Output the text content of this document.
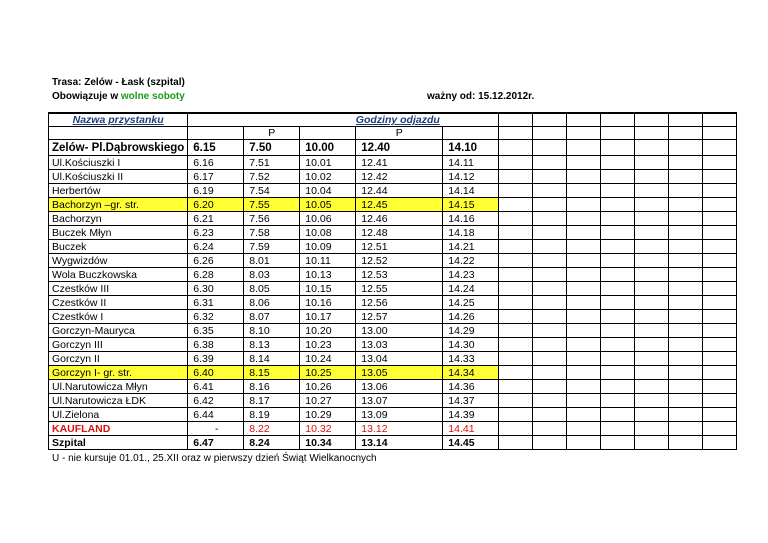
Trasa: Zelów - Łask (szpital)
Obowiązuje w wolne soboty	ważny od: 15.12.2012r.
Nazwa przystanku				Godziny odjazdu								
		P		P								
Zelów- Pl.Dąbrowskiego	6.15	7.50	10.00	12.40	14.10							
Ul.Kościuszki I	6.16	7.51	10.01	12.41	14.11							
Ul.Kościuszki II	6.17	7.52	10.02	12.42	14.12							
Herbertów	6.19	7.54	10.04	12.44	14.14							
Bachorzyn –gr. str.	6.20	7.55	10.05	12.45	14.15							
Bachorzyn	6.21	7.56	10.06	12.46	14.16							
Buczek Młyn	6.23	7.58	10.08	12.48	14.18							
Buczek	6.24	7.59	10.09	12.51	14.21							
Wygwizdów	6.26	8.01	10.11	12.52	14.22							
Wola Buczkowska	6.28	8.03	10.13	12.53	14.23							
Czestków III	6.30	8.05	10.15	12.55	14.24							
Czestków II	6.31	8.06	10.16	12.56	14.25							
Czestków I	6.32	8.07	10.17	12.57	14.26							
Gorczyn-Mauryca	6.35	8.10	10.20	13.00	14.29							
Gorczyn III	6.38	8.13	10.23	13.03	14.30							
Gorczyn II	6.39	8.14	10.24	13.04	14.33							
Gorczyn I- gr. str.	6.40	8.15	10.25	13.05	14.34							
Ul.Narutowicza Młyn	6.41	8.16	10.26	13.06	14.36							
Ul.Narutowicza ŁDK	6.42	8.17	10.27	13.07	14.37							
Ul.Zielona	6.44	8.19	10.29	13.09	14.39							
KAUFLAND	-	8.22	10.32	13.12	14.41							
Szpital	6.47	8.24	10.34	13.14	14.45							
U - nie kursuje 01.01., 25.XII oraz w pierwszy dzień Świąt Wielkanocnych
